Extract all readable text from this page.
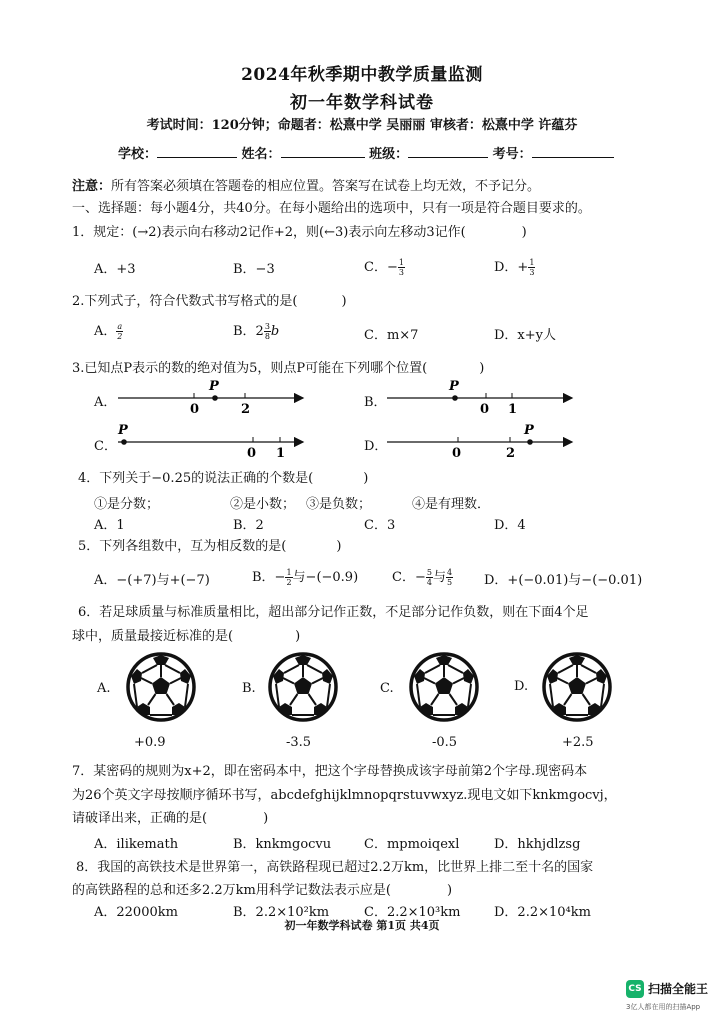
2024年秋季期中教学质量监测
初一年数学科试卷
考试时间：120分钟；命题者：松熹中学 吴丽丽 审核者：松熹中学 许蕴芬
学校：	姓名：	班级：	考号：
注意：所有答案必须填在答题卷的相应位置。答案写在试卷上均无效，不予记分。
一、选择题：每小题4分，共40分。在每小题给出的选项中，只有一项是符合题目要求的。
1．规定：(→2)表示向右移动2记作+2，则(←3)表示向左移动3记作(	)
A．+3	B．−3	C．− $\frac{1}{3}$	D．+ $\frac{1}{3}$
2.下列式子，符合代数式书写格式的是(	)
A． $\frac{a}{2}$	B．$2 \frac{3}{8}$ b	C．m×7	D．x+y人
3.已知点P表示的数的绝对值为5，则点P可能在下列哪个位置(	)
A．	B．
C．	D．
0	2
P
0 1
P
0 1
P
0	2
P
4．下列关于−0.25的说法正确的个数是(	)
①是分数；	②是小数； ③是负数；	④是有理数．
A．1	B．2	C．3	D．4
5．下列各组数中，互为相反数的是(	)
A．−(+7)与+(−7)	B．− $\frac{1}{2}$ 与−(−0.9)	C．− $\frac{5}{4}$ 与 $\frac{4}{5}$ D．+(−0.01)与−(−0.01)
6．若足球质量与标准质量相比，超出部分记作正数，不足部分记作负数，则在下面4个足
球中，质量最接近标准的是(	)
A.	B.	C.	D.
+0.9	-3.5	-0.5	+2.5
7．某密码的规则为x+2，即在密码本中，把这个字母替换成该字母前第2个字母.现密码本
为26个英文字母按顺序循环书写，abcdefghijklmnopqrstuvwxyz.现电文如下knkmgocvj，
请破译出来，正确的是(	)
A．ilikemath	B．knkmgocvu	C．mpmoiqexl	D．hkhjdlzsg
8．我国的高铁技术是世界第一，高铁路程现已超过2.2万km，比世界上排二至十名的国家
的高铁路程的总和还多2.2万km用科学记数法表示应是(	)
A．22000km	B．2.2×10²km	C．2.2×10³km	D．2.2×10⁴km
初一年数学科试卷 第1页 共4页
CS 扫描全能王
3亿人都在用的扫描App
